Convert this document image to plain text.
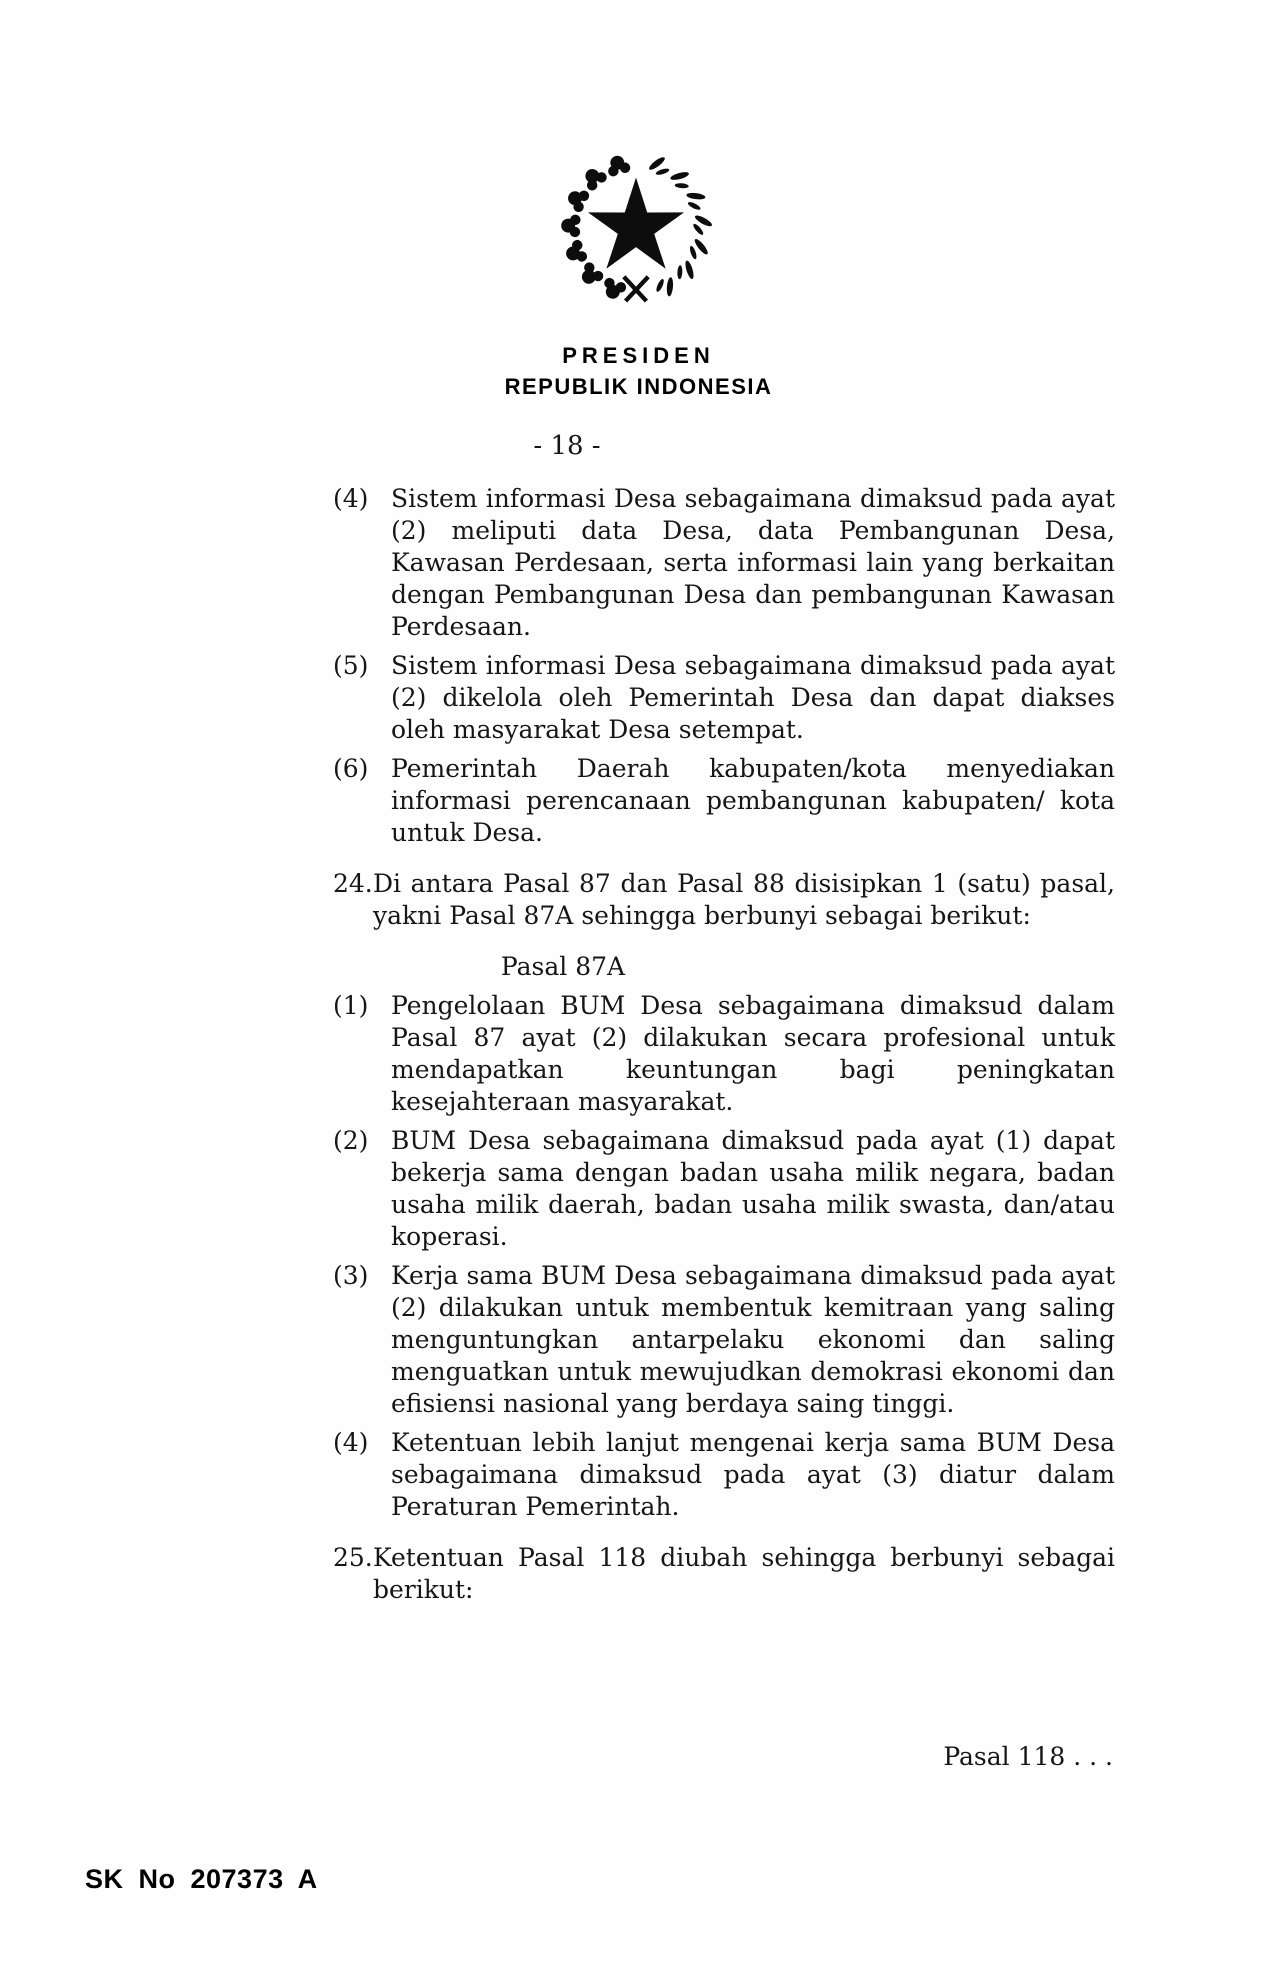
PRESIDEN
REPUBLIK INDONESIA
- 18 -
(4) Sistem informasi Desa sebagaimana dimaksud pada ayat (2) meliputi data Desa, data Pembangunan Desa, Kawasan Perdesaan, serta informasi lain yang berkaitan dengan Pembangunan Desa dan pembangunan Kawasan Perdesaan.
(5) Sistem informasi Desa sebagaimana dimaksud pada ayat (2) dikelola oleh Pemerintah Desa dan dapat diakses oleh masyarakat Desa setempat.
(6) Pemerintah Daerah kabupaten/kota menyediakan informasi perencanaan pembangunan kabupaten/ kota untuk Desa.
24. Di antara Pasal 87 dan Pasal 88 disisipkan 1 (satu) pasal, yakni Pasal 87A sehingga berbunyi sebagai berikut:
Pasal 87A
(1) Pengelolaan BUM Desa sebagaimana dimaksud dalam Pasal 87 ayat (2) dilakukan secara profesional untuk mendapatkan keuntungan bagi peningkatan kesejahteraan masyarakat.
(2) BUM Desa sebagaimana dimaksud pada ayat (1) dapat bekerja sama dengan badan usaha milik negara, badan usaha milik daerah, badan usaha milik swasta, dan/atau koperasi.
(3) Kerja sama BUM Desa sebagaimana dimaksud pada ayat (2) dilakukan untuk membentuk kemitraan yang saling menguntungkan antarpelaku ekonomi dan saling menguatkan untuk mewujudkan demokrasi ekonomi dan efisiensi nasional yang berdaya saing tinggi.
(4) Ketentuan lebih lanjut mengenai kerja sama BUM Desa sebagaimana dimaksud pada ayat (3) diatur dalam Peraturan Pemerintah.
25. Ketentuan Pasal 118 diubah sehingga berbunyi sebagai berikut:
Pasal 118 . . .
SK No 207373 A
